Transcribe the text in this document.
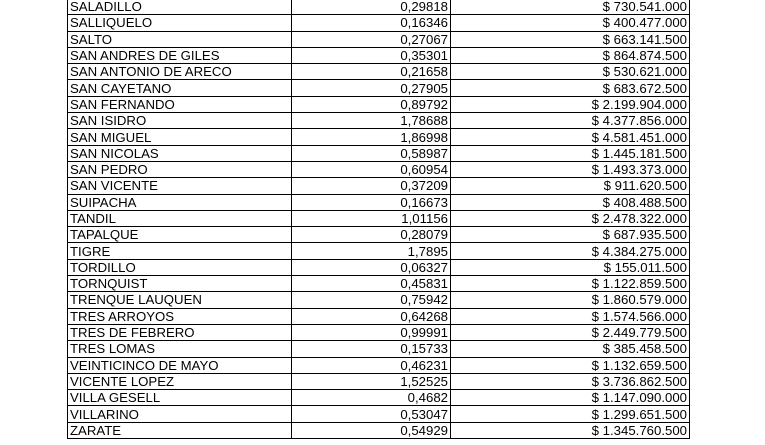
SALADILLO	0,29818	$ 730.541.000
SALLIQUELO	0,16346	$ 400.477.000
SALTO	0,27067	$ 663.141.500
SAN ANDRES DE GILES	0,35301	$ 864.874.500
SAN ANTONIO DE ARECO	0,21658	$ 530.621.000
SAN CAYETANO	0,27905	$ 683.672.500
SAN FERNANDO	0,89792	$ 2.199.904.000
SAN ISIDRO	1,78688	$ 4.377.856.000
SAN MIGUEL	1,86998	$ 4.581.451.000
SAN NICOLAS	0,58987	$ 1.445.181.500
SAN PEDRO	0,60954	$ 1.493.373.000
SAN VICENTE	0,37209	$ 911.620.500
SUIPACHA	0,16673	$ 408.488.500
TANDIL	1,01156	$ 2.478.322.000
TAPALQUE	0,28079	$ 687.935.500
TIGRE	1,7895	$ 4.384.275.000
TORDILLO	0,06327	$ 155.011.500
TORNQUIST	0,45831	$ 1.122.859.500
TRENQUE LAUQUEN	0,75942	$ 1.860.579.000
TRES ARROYOS	0,64268	$ 1.574.566.000
TRES DE FEBRERO	0,99991	$ 2.449.779.500
TRES LOMAS	0,15733	$ 385.458.500
VEINTICINCO DE MAYO	0,46231	$ 1.132.659.500
VICENTE LOPEZ	1,52525	$ 3.736.862.500
VILLA GESELL	0,4682	$ 1.147.090.000
VILLARINO	0,53047	$ 1.299.651.500
ZARATE	0,54929	$ 1.345.760.500
